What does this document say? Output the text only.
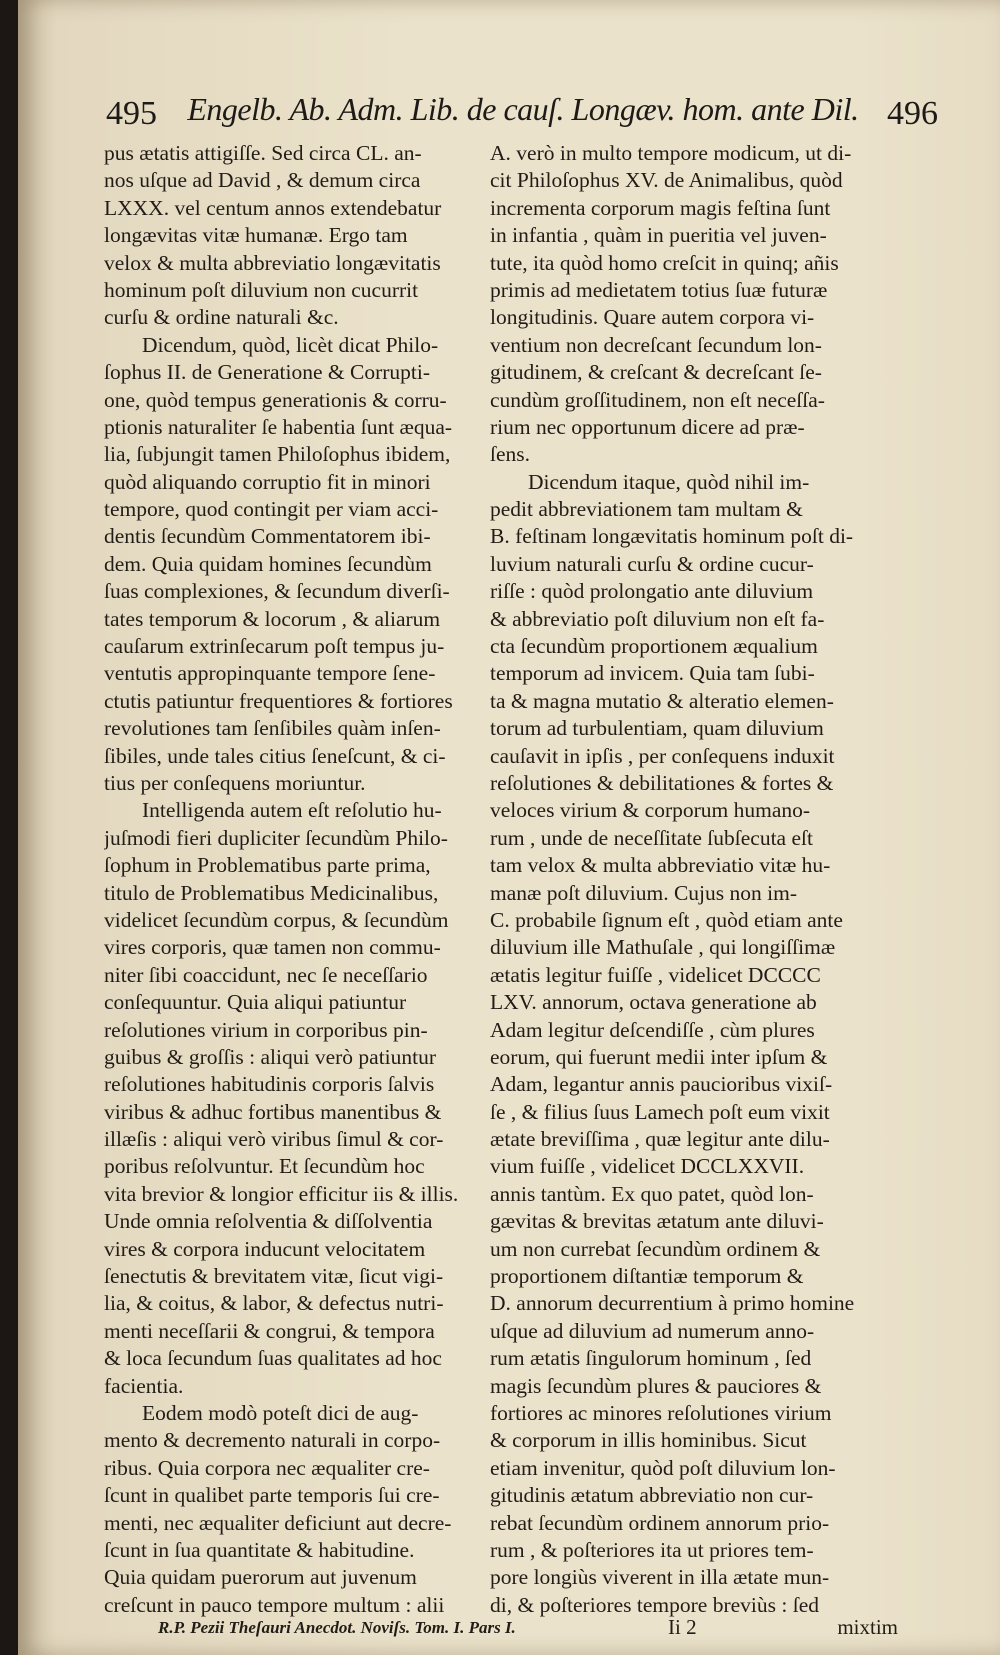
495 Engelb. Ab. Adm. Lib. de cauſ. Longæv. hom. ante Dil. 496
pus ætatis attigiſſe. Sed circa CL. an-
nos uſque ad David , & demum circa
LXXX. vel centum annos extendebatur
longævitas vitæ humanæ. Ergo tam
velox & multa abbreviatio longævitatis
hominum poſt diluvium non cucurrit
curſu & ordine naturali &c.
Dicendum, quòd, licèt dicat Philo-
ſophus II. de Generatione & Corrupti-
one, quòd tempus generationis & corru-
ptionis naturaliter ſe habentia ſunt æqua-
lia, ſubjungit tamen Philoſophus ibidem,
quòd aliquando corruptio fit in minori
tempore, quod contingit per viam acci-
dentis ſecundùm Commentatorem ibi-
dem. Quia quidam homines ſecundùm
ſuas complexiones, & ſecundum diverſi-
tates temporum & locorum , & aliarum
cauſarum extrinſecarum poſt tempus ju-
ventutis appropinquante tempore ſene-
ctutis patiuntur frequentiores & fortiores
revolutiones tam ſenſibiles quàm inſen-
ſibiles, unde tales citius ſeneſcunt, & ci-
tius per conſequens moriuntur.
Intelligenda autem eſt reſolutio hu-
juſmodi fieri dupliciter ſecundùm Philo-
ſophum in Problematibus parte prima,
titulo de Problematibus Medicinalibus,
videlicet ſecundùm corpus, & ſecundùm
vires corporis, quæ tamen non commu-
niter ſibi coaccidunt, nec ſe neceſſario
conſequuntur. Quia aliqui patiuntur
reſolutiones virium in corporibus pin-
guibus & groſſis : aliqui verò patiuntur
reſolutiones habitudinis corporis ſalvis
viribus & adhuc fortibus manentibus &
illæſis : aliqui verò viribus ſimul & cor-
poribus reſolvuntur. Et ſecundùm hoc
vita brevior & longior efficitur iis & illis.
Unde omnia reſolventia & diſſolventia
vires & corpora inducunt velocitatem
ſenectutis & brevitatem vitæ, ſicut vigi-
lia, & coitus, & labor, & defectus nutri-
menti neceſſarii & congrui, & tempora
& loca ſecundum ſuas qualitates ad hoc
facientia.
Eodem modò poteſt dici de aug-
mento & decremento naturali in corpo-
ribus. Quia corpora nec æqualiter cre-
ſcunt in qualibet parte temporis ſui cre-
menti, nec æqualiter deficiunt aut decre-
ſcunt in ſua quantitate & habitudine.
Quia quidam puerorum aut juvenum
creſcunt in pauco tempore multum : alii
A. verò in multo tempore modicum, ut di-
cit Philoſophus XV. de Animalibus, quòd
incrementa corporum magis feſtina ſunt
in infantia , quàm in pueritia vel juven-
tute, ita quòd homo creſcit in quinq; añis
primis ad medietatem totius ſuæ futuræ
longitudinis. Quare autem corpora vi-
ventium non decreſcant ſecundum lon-
gitudinem, & creſcant & decreſcant ſe-
cundùm groſſitudinem, non eſt neceſſa-
rium nec opportunum dicere ad præ-
ſens.
Dicendum itaque, quòd nihil im-
pedit abbreviationem tam multam &
B. feſtinam longævitatis hominum poſt di-
luvium naturali curſu & ordine cucur-
riſſe : quòd prolongatio ante diluvium
& abbreviatio poſt diluvium non eſt fa-
cta ſecundùm proportionem æqualium
temporum ad invicem. Quia tam ſubi-
ta & magna mutatio & alteratio elemen-
torum ad turbulentiam, quam diluvium
cauſavit in ipſis , per conſequens induxit
reſolutiones & debilitationes & fortes &
veloces virium & corporum humano-
rum , unde de neceſſitate ſubſecuta eſt
tam velox & multa abbreviatio vitæ hu-
manæ poſt diluvium. Cujus non im-
C. probabile ſignum eſt , quòd etiam ante
diluvium ille Mathuſale , qui longiſſimæ
ætatis legitur fuiſſe , videlicet DCCCC
LXV. annorum, octava generatione ab
Adam legitur deſcendiſſe , cùm plures
eorum, qui fuerunt medii inter ipſum &
Adam, legantur annis paucioribus vixiſ-
ſe , & filius ſuus Lamech poſt eum vixit
ætate breviſſima , quæ legitur ante dilu-
vium fuiſſe , videlicet DCCLXXVII.
annis tantùm. Ex quo patet, quòd lon-
gævitas & brevitas ætatum ante diluvi-
um non currebat ſecundùm ordinem &
proportionem diſtantiæ temporum &
D. annorum decurrentium à primo homine
uſque ad diluvium ad numerum anno-
rum ætatis ſingulorum hominum , ſed
magis ſecundùm plures & pauciores &
fortiores ac minores reſolutiones virium
& corporum in illis hominibus. Sicut
etiam invenitur, quòd poſt diluvium lon-
gitudinis ætatum abbreviatio non cur-
rebat ſecundùm ordinem annorum prio-
rum , & poſteriores ita ut priores tem-
pore longiùs viverent in illa ætate mun-
di, & poſteriores tempore breviùs : ſed
R.P. Pezii Theſauri Anecdot. Noviſs. Tom. I. Pars I.	Ii 2	mixtim
